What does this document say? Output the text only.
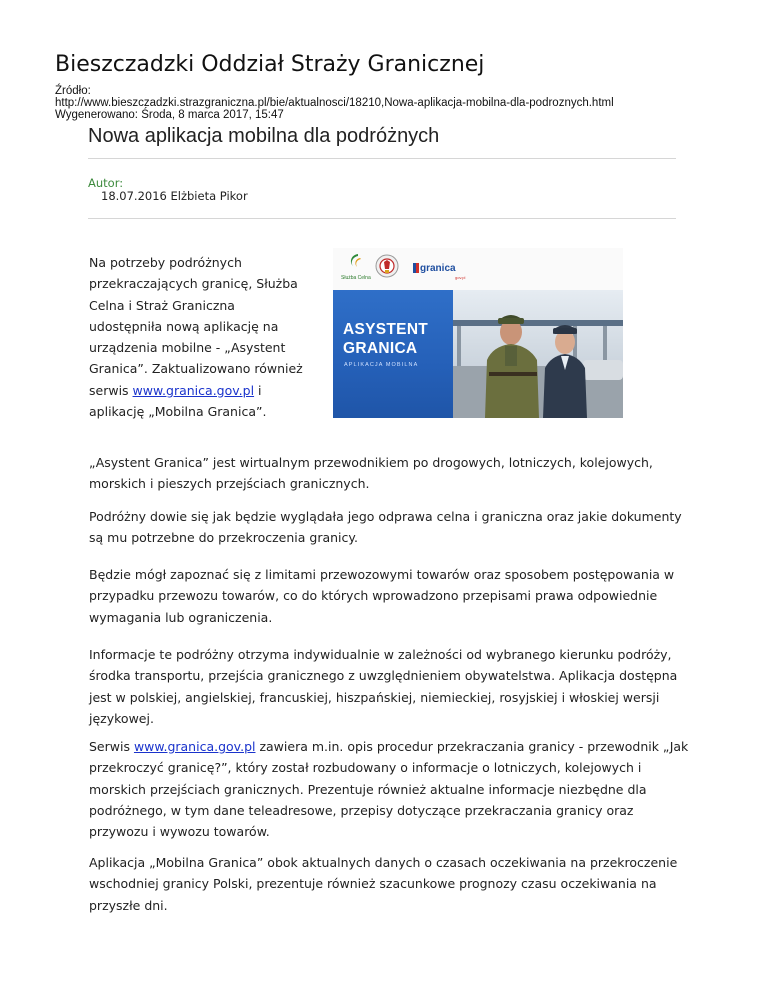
Bieszczadzki Oddział Straży Granicznej
Źródło:
http://www.bieszczadzki.strazgraniczna.pl/bie/aktualnosci/18210,Nowa-aplikacja-mobilna-dla-podroznych.html
Wygenerowano: Środa, 8 marca 2017, 15:47
Nowa aplikacja mobilna dla podróżnych
Autor:
18.07.2016 Elżbieta Pikor
Na potrzeby podróżnych przekraczających granicę, Służba Celna i Straż Graniczna udostępniła nową aplikację na urządzenia mobilne - „Asystent Granica”. Zaktualizowano również serwis www.granica.gov.pl i aplikację „Mobilna Granica”.
Służba Celna
granica
gov.pl
ASYSTENT
GRANICA
APLIKACJA MOBILNA

„Asystent Granica” jest wirtualnym przewodnikiem po drogowych, lotniczych, kolejowych, morskich i pieszych przejściach granicznych.

Podróżny dowie się jak będzie wyglądała jego odprawa celna i graniczna oraz jakie dokumenty są mu potrzebne do przekroczenia granicy.

Będzie mógł zapoznać się z limitami przewozowymi towarów oraz sposobem postępowania w przypadku przewozu towarów, co do których wprowadzono przepisami prawa odpowiednie wymagania lub ograniczenia.

Informacje te podróżny otrzyma indywidualnie w zależności od wybranego kierunku podróży, środka transportu, przejścia granicznego z uwzględnieniem obywatelstwa. Aplikacja dostępna jest w polskiej, angielskiej, francuskiej, hiszpańskiej, niemieckiej, rosyjskiej i włoskiej wersji językowej.

Serwis www.granica.gov.pl zawiera m.in. opis procedur przekraczania granicy - przewodnik „Jak przekroczyć granicę?”, który został rozbudowany o informacje o lotniczych, kolejowych i morskich przejściach granicznych. Prezentuje również aktualne informacje niezbędne dla podróżnego, w tym dane teleadresowe, przepisy dotyczące przekraczania granicy oraz przywozu i wywozu towarów.

Aplikacja „Mobilna Granica” obok aktualnych danych o czasach oczekiwania na przekroczenie wschodniej granicy Polski, prezentuje również szacunkowe prognozy czasu oczekiwania na przyszłe dni.
